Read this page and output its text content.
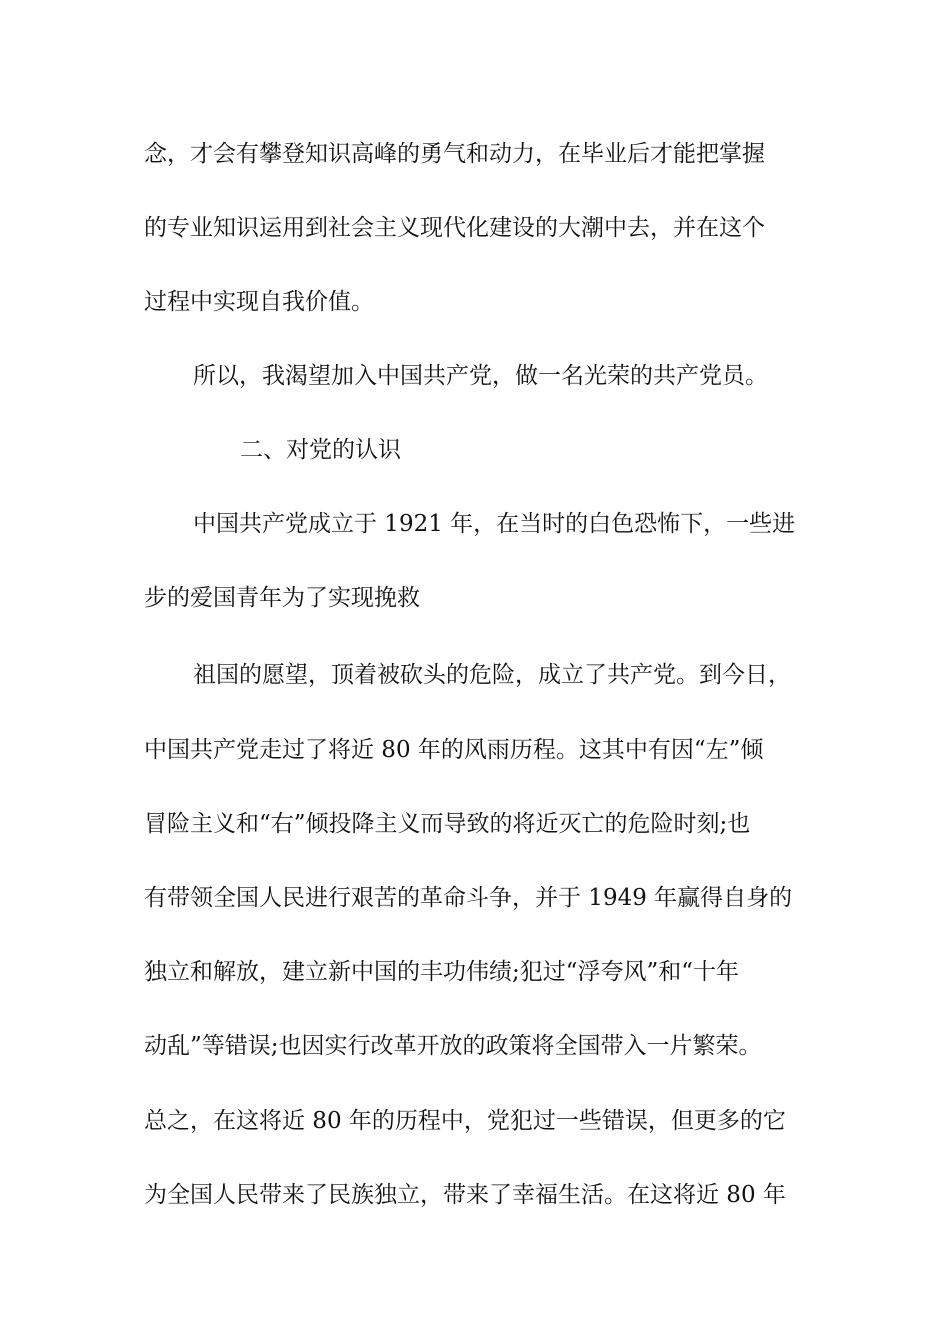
念，才会有攀登知识高峰的勇气和动力，在毕业后才能把掌握
的专业知识运用到社会主义现代化建设的大潮中去，并在这个
过程中实现自我价值。
所以，我渴望加入中国共产党，做一名光荣的共产党员。
二、对党的认识
中国共产党成立于 1921 年，在当时的白色恐怖下，一些进
步的爱国青年为了实现挽救
祖国的愿望，顶着被砍头的危险，成立了共产党。到今日，
中国共产党走过了将近 80 年的风雨历程。这其中有因“左”倾
冒险主义和“右”倾投降主义而导致的将近灭亡的危险时刻;也
有带领全国人民进行艰苦的革命斗争，并于 1949 年赢得自身的
独立和解放，建立新中国的丰功伟绩;犯过“浮夸风”和“十年
动乱”等错误;也因实行改革开放的政策将全国带入一片繁荣。
总之，在这将近 80 年的历程中，党犯过一些错误，但更多的它
为全国人民带来了民族独立，带来了幸福生活。在这将近 80 年
